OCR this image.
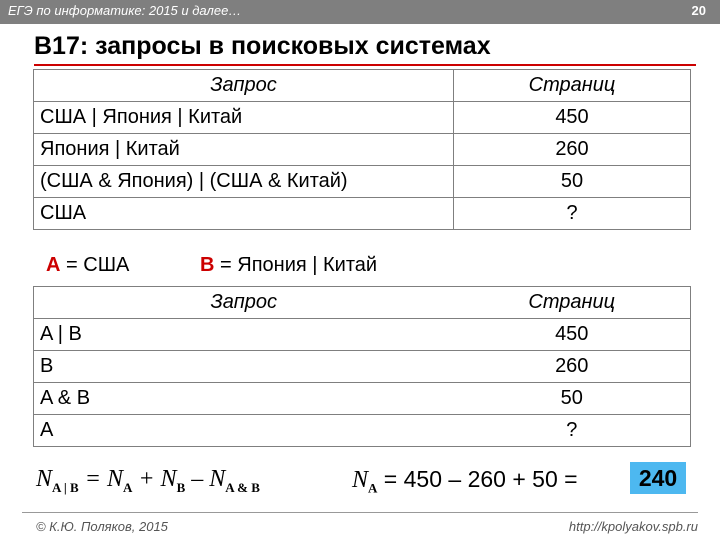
ЕГЭ по информатике: 2015 и далее…	20
B17: запросы в поисковых системах
Запрос	Страниц
США | Япония | Китай	450
Япония | Китай	260
(США & Япония) | (США & Китай)	50
США	?
A = США	B = Япония | Китай
Запрос	Страниц
A | B	450
B	260
A & B	50
A	?
$N_{A | B} = N_A + N_B - N_{A \& B}$	$N_A = 450 - 260 + 50$ =	240
© К.Ю. Поляков, 2015	http://kpolyakov.spb.ru
